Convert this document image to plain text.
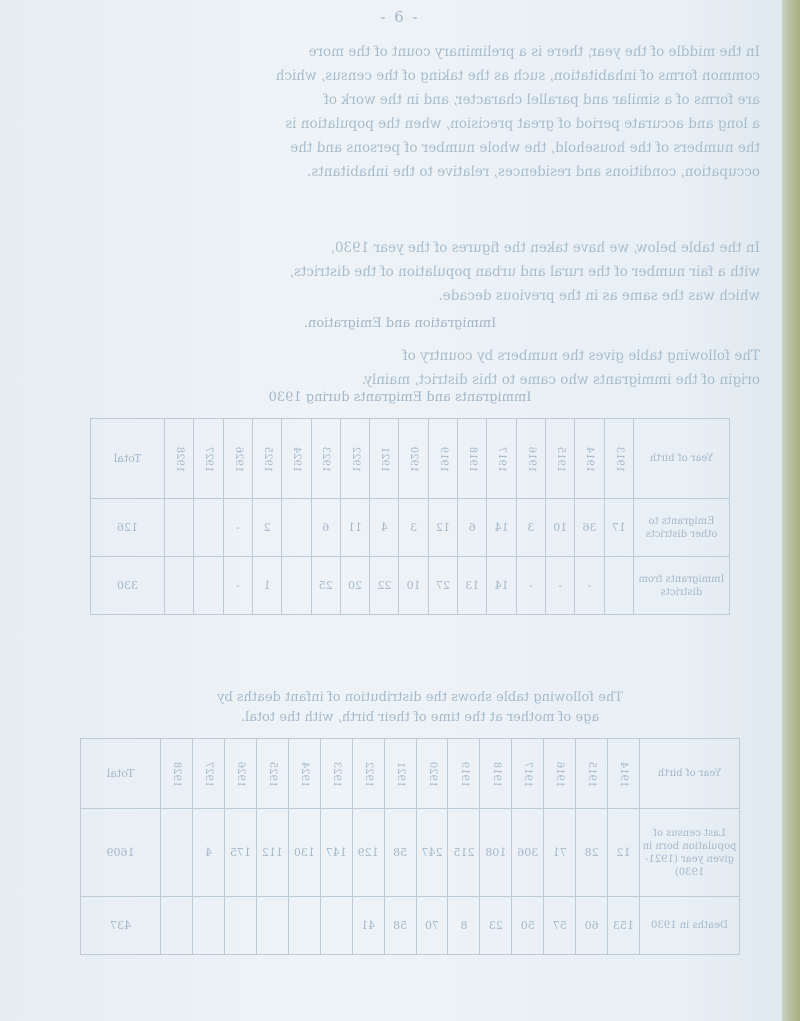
- 6 -

In the middle of the year, there is a preliminary count of the more

common forms of inhabitation, such as the taking of the census, which

are forms of a similar and parallel character, and in the work of

a long and accurate period of great precision, when the population is

the numbers of the household, the whole number of persons and the

occupation, conditions and residences, relative to the inhabitants.

In the table below, we have taken the figures of the year 1930,

with a fair number of the rural and urban population of the districts,

which was the same as in the previous decade.

Immigration and Emigration.

The following table gives the numbers by country of

origin of the immigrants who came to this district, mainly.

Immigrants and Emigrants during 1930
Year of birth	1913	1914	1915	1916	1917	1918	1919	1920	1921	1922	1923	1924	1925	1926	1927	1928	Total
Emigrants to other districts	17	36	10	3	14	6	12	3	4	11	6		2	-			126
Immigrants from districts		-	-	-	14	13	27	10	22	20	25		1	-			330
The following table shows the distribution of infant deaths by
age of mother at the time of their birth, with the total.
Year of birth	1914	1915	1916	1917	1918	1919	1920	1921	1922	1923	1924	1925	1926	1927	1928	Total
Last census of population born in given year (1921-1930)	12	28	71	306	108	215	247	58	129	147	130	112	175	4		1609
Deaths in 1930	153	60	57	50	23	8	70	58	41							437
